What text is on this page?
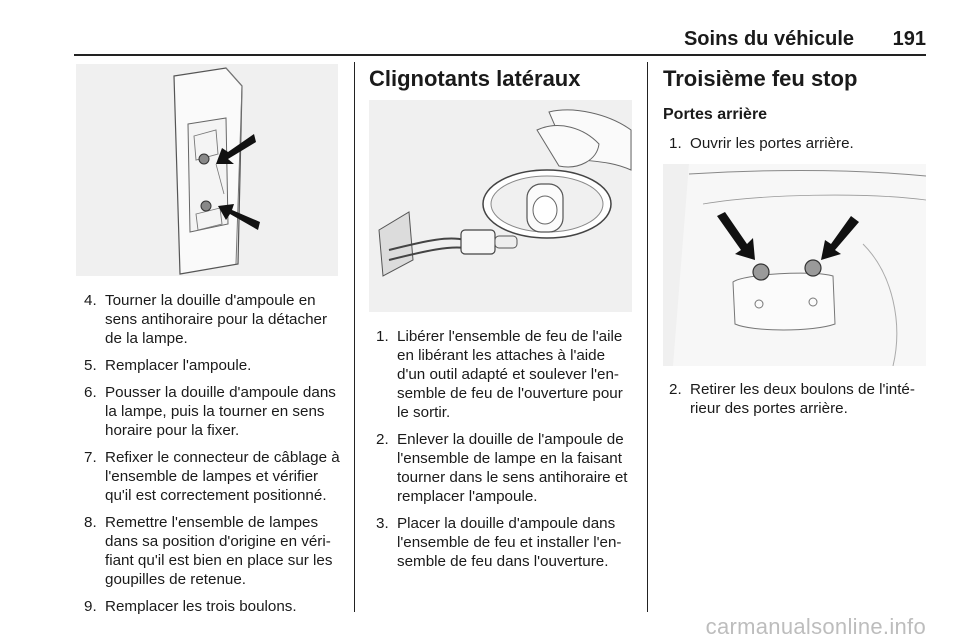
Soins du véhicule 191
4. Tourner la douille d'ampoule en sens antihoraire pour la détacher de la lampe.
5. Remplacer l'ampoule.
6. Pousser la douille d'ampoule dans la lampe, puis la tourner en sens horaire pour la fixer.
7. Refixer le connecteur de câblage à l'ensemble de lampes et vérifier qu'il est correctement positionné.
8. Remettre l'ensemble de lampes dans sa position d'origine en vérifiant qu'il est bien en place sur les goupilles de retenue.
9. Remplacer les trois boulons.
Clignotants latéraux
1. Libérer l'ensemble de feu de l'aile en libérant les attaches à l'aide d'un outil adapté et soulever l'ensemble de feu de l'ouverture pour le sortir.
2. Enlever la douille de l'ampoule de l'ensemble de lampe en la faisant tourner dans le sens antihoraire et remplacer l'ampoule.
3. Placer la douille d'ampoule dans l'ensemble de feu et installer l'ensemble de feu dans l'ouverture.
Troisième feu stop
Portes arrière
1. Ouvrir les portes arrière.
2. Retirer les deux boulons de l'intérieur des portes arrière.
carmanualsonline.info
